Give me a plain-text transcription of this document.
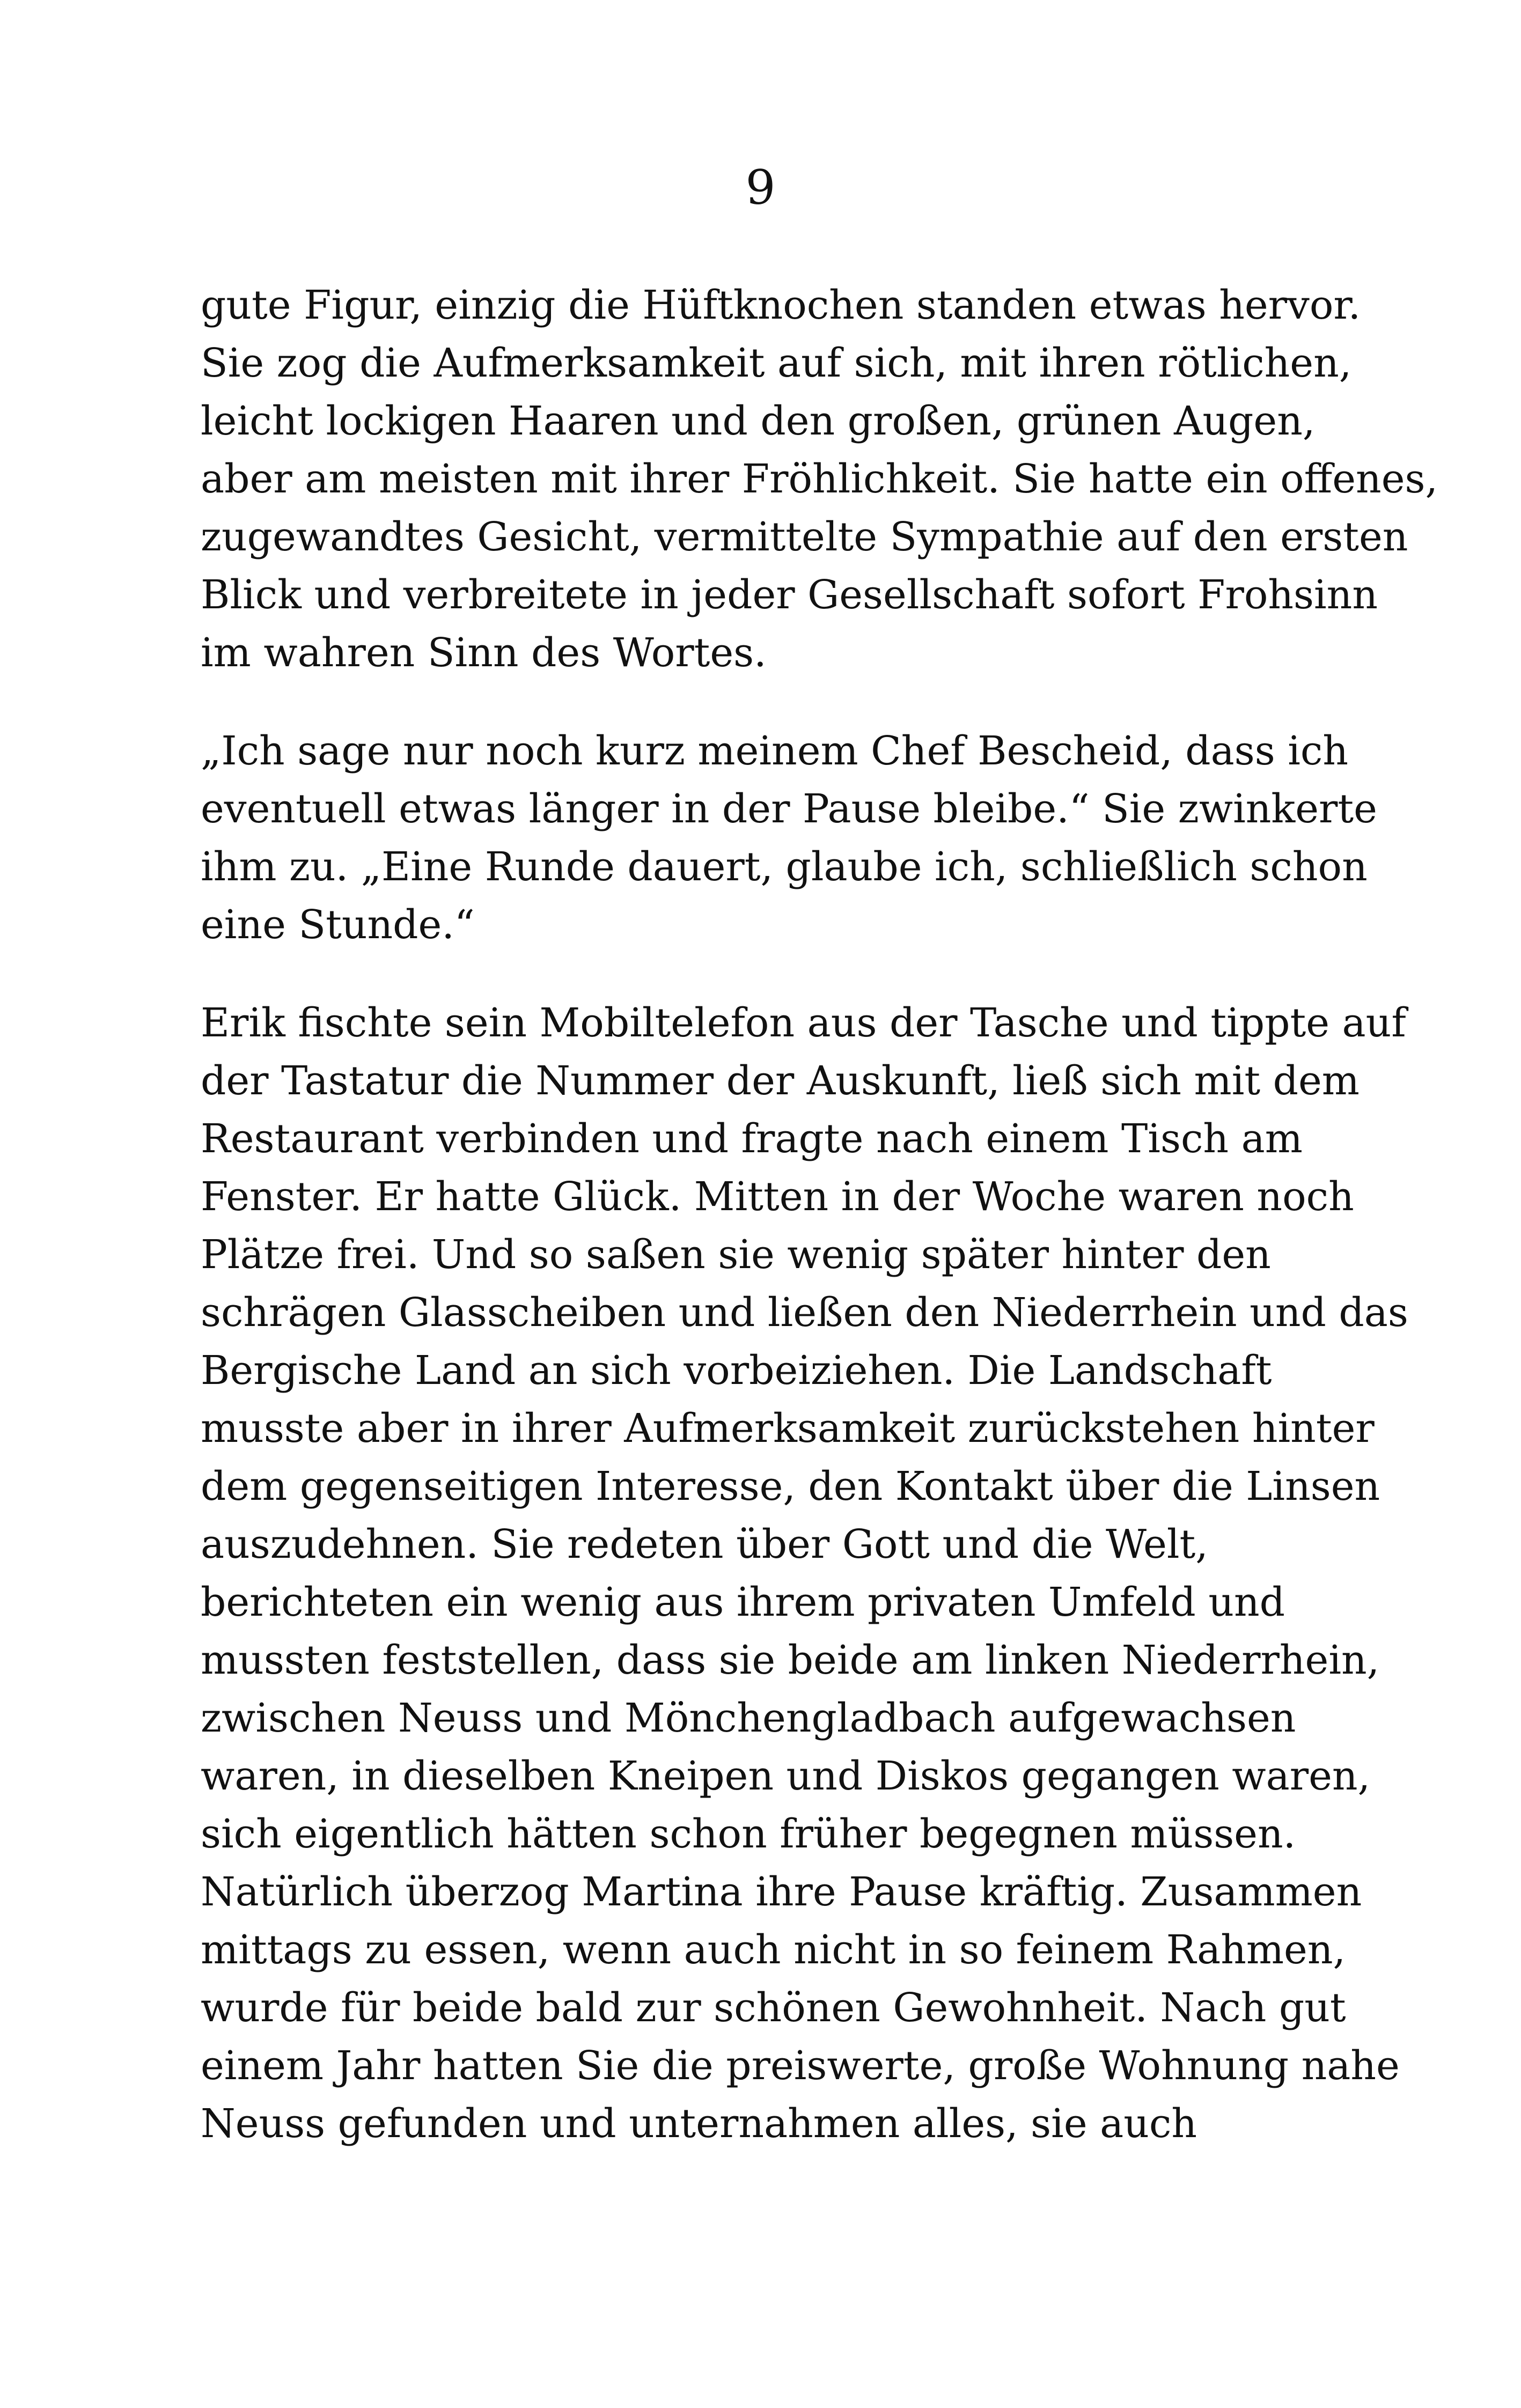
9

gute Figur, einzig die Hüftknochen standen etwas hervor.
Sie zog die Aufmerksamkeit auf sich, mit ihren rötlichen,
leicht lockigen Haaren und den großen, grünen Augen,
aber am meisten mit ihrer Fröhlichkeit. Sie hatte ein offenes,
zugewandtes Gesicht, vermittelte Sympathie auf den ersten
Blick und verbreitete in jeder Gesellschaft sofort Frohsinn
im wahren Sinn des Wortes.

„Ich sage nur noch kurz meinem Chef Bescheid, dass ich
eventuell etwas länger in der Pause bleibe.“ Sie zwinkerte
ihm zu. „Eine Runde dauert, glaube ich, schließlich schon
eine Stunde.“

Erik fischte sein Mobiltelefon aus der Tasche und tippte auf
der Tastatur die Nummer der Auskunft, ließ sich mit dem
Restaurant verbinden und fragte nach einem Tisch am
Fenster. Er hatte Glück. Mitten in der Woche waren noch
Plätze frei. Und so saßen sie wenig später hinter den
schrägen Glasscheiben und ließen den Niederrhein und das
Bergische Land an sich vorbeiziehen. Die Landschaft
musste aber in ihrer Aufmerksamkeit zurückstehen hinter
dem gegenseitigen Interesse, den Kontakt über die Linsen
auszudehnen. Sie redeten über Gott und die Welt,
berichteten ein wenig aus ihrem privaten Umfeld und
mussten feststellen, dass sie beide am linken Niederrhein,
zwischen Neuss und Mönchengladbach aufgewachsen
waren, in dieselben Kneipen und Diskos gegangen waren,
sich eigentlich hätten schon früher begegnen müssen.
Natürlich überzog Martina ihre Pause kräftig. Zusammen
mittags zu essen, wenn auch nicht in so feinem Rahmen,
wurde für beide bald zur schönen Gewohnheit. Nach gut
einem Jahr hatten Sie die preiswerte, große Wohnung nahe
Neuss gefunden und unternahmen alles, sie auch
